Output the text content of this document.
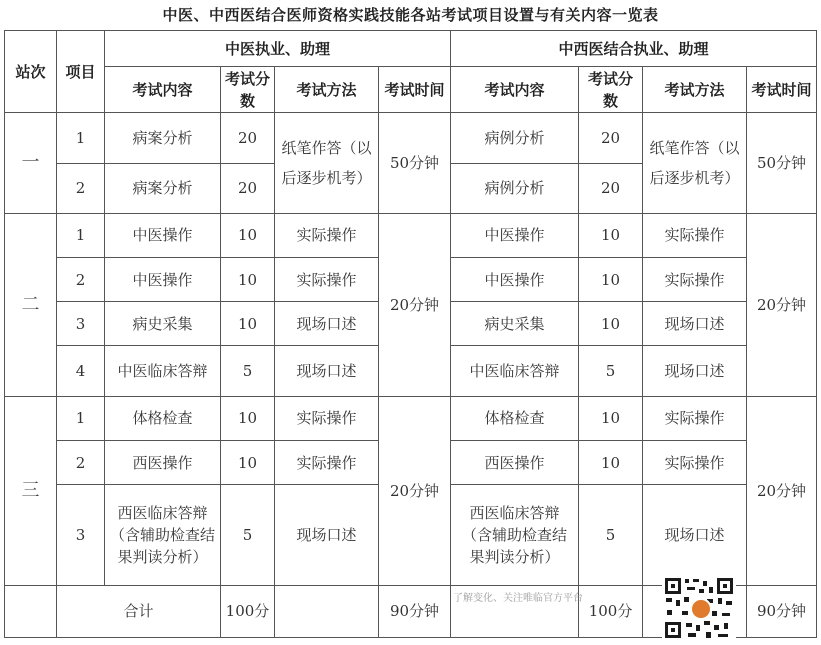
中医、中西医结合医师资格实践技能各站考试项目设置与有关内容一览表
站次	项目	中医执业、助理				中西医结合执业、助理			
		考试内容	考试分数	考试方法	考试时间	考试内容	考试分数	考试方法	考试时间
一	1	病案分析	20	纸笔作答（以后逐步机考）	50分钟	病例分析	20	纸笔作答（以后逐步机考）	50分钟
	2	病案分析	20			病例分析	20		
二	1	中医操作	10	实际操作	20分钟	中医操作	10	实际操作	20分钟
	2	中医操作	10	实际操作		中医操作	10	实际操作	
	3	病史采集	10	现场口述		病史采集	10	现场口述	
	4	中医临床答辩	5	现场口述		中医临床答辩	5	现场口述	
三	1	体格检查	10	实际操作	20分钟	体格检查	10	实际操作	20分钟
	2	西医操作	10	实际操作		西医操作	10	实际操作	
	3	西医临床答辩（含辅助检查结果判读分析）	5	现场口述		西医临床答辩（含辅助检查结果判读分析）	5	现场口述	
	合计		100分		90分钟	了解变化、关注唯临官方平台	100分		90分钟
